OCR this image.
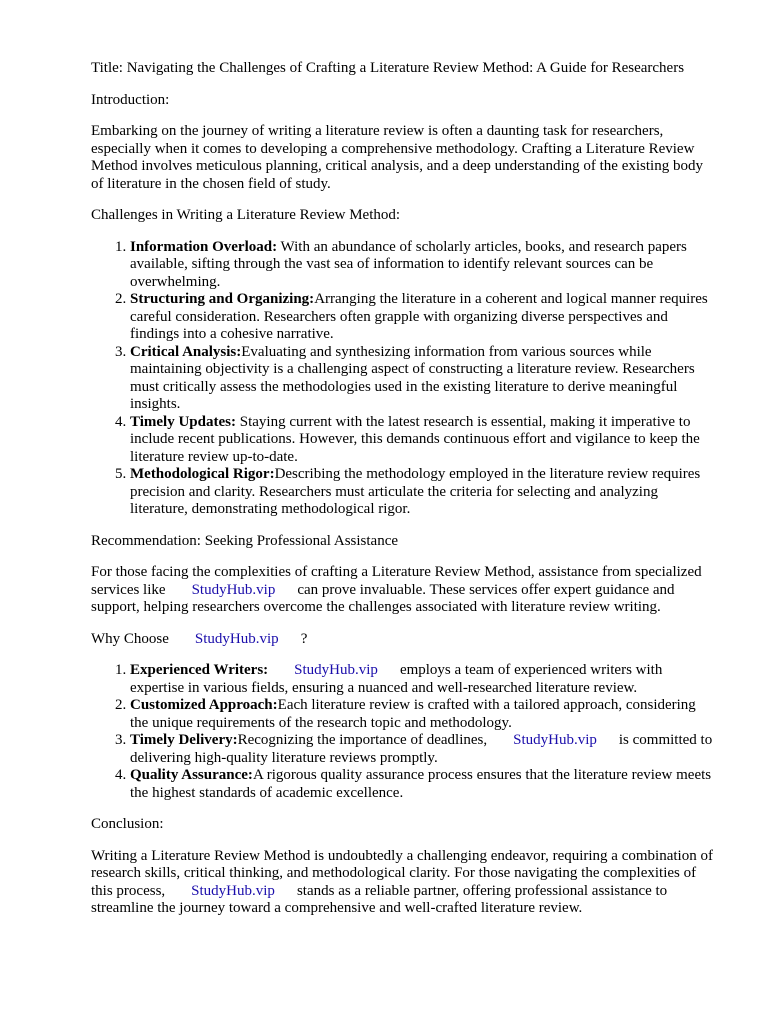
Title: Navigating the Challenges of Crafting a Literature Review Method: A Guide for Researchers

Introduction:

Embarking on the journey of writing a literature review is often a daunting task for researchers, especially when it comes to developing a comprehensive methodology. Crafting a Literature Review Method involves meticulous planning, critical analysis, and a deep understanding of the existing body of literature in the chosen field of study.

Challenges in Writing a Literature Review Method:

1. Information Overload: With an abundance of scholarly articles, books, and research papers available, sifting through the vast sea of information to identify relevant sources can be overwhelming.
2. Structuring and Organizing:Arranging the literature in a coherent and logical manner requires careful consideration. Researchers often grapple with organizing diverse perspectives and findings into a cohesive narrative.
3. Critical Analysis:Evaluating and synthesizing information from various sources while maintaining objectivity is a challenging aspect of constructing a literature review. Researchers must critically assess the methodologies used in the existing literature to derive meaningful insights.
4. Timely Updates: Staying current with the latest research is essential, making it imperative to include recent publications. However, this demands continuous effort and vigilance to keep the literature review up-to-date.
5. Methodological Rigor:Describing the methodology employed in the literature review requires precision and clarity. Researchers must articulate the criteria for selecting and analyzing literature, demonstrating methodological rigor.

Recommendation: Seeking Professional Assistance

For those facing the complexities of crafting a Literature Review Method, assistance from specialized services like StudyHub.vip can prove invaluable. These services offer expert guidance and support, helping researchers overcome the challenges associated with literature review writing.

Why Choose StudyHub.vip ?

1. Experienced Writers: StudyHub.vip employs a team of experienced writers with expertise in various fields, ensuring a nuanced and well-researched literature review.
2. Customized Approach:Each literature review is crafted with a tailored approach, considering the unique requirements of the research topic and methodology.
3. Timely Delivery:Recognizing the importance of deadlines, StudyHub.vip is committed to delivering high-quality literature reviews promptly.
4. Quality Assurance:A rigorous quality assurance process ensures that the literature review meets the highest standards of academic excellence.

Conclusion:

Writing a Literature Review Method is undoubtedly a challenging endeavor, requiring a combination of research skills, critical thinking, and methodological clarity. For those navigating the complexities of this process, StudyHub.vip stands as a reliable partner, offering professional assistance to streamline the journey toward a comprehensive and well-crafted literature review.
